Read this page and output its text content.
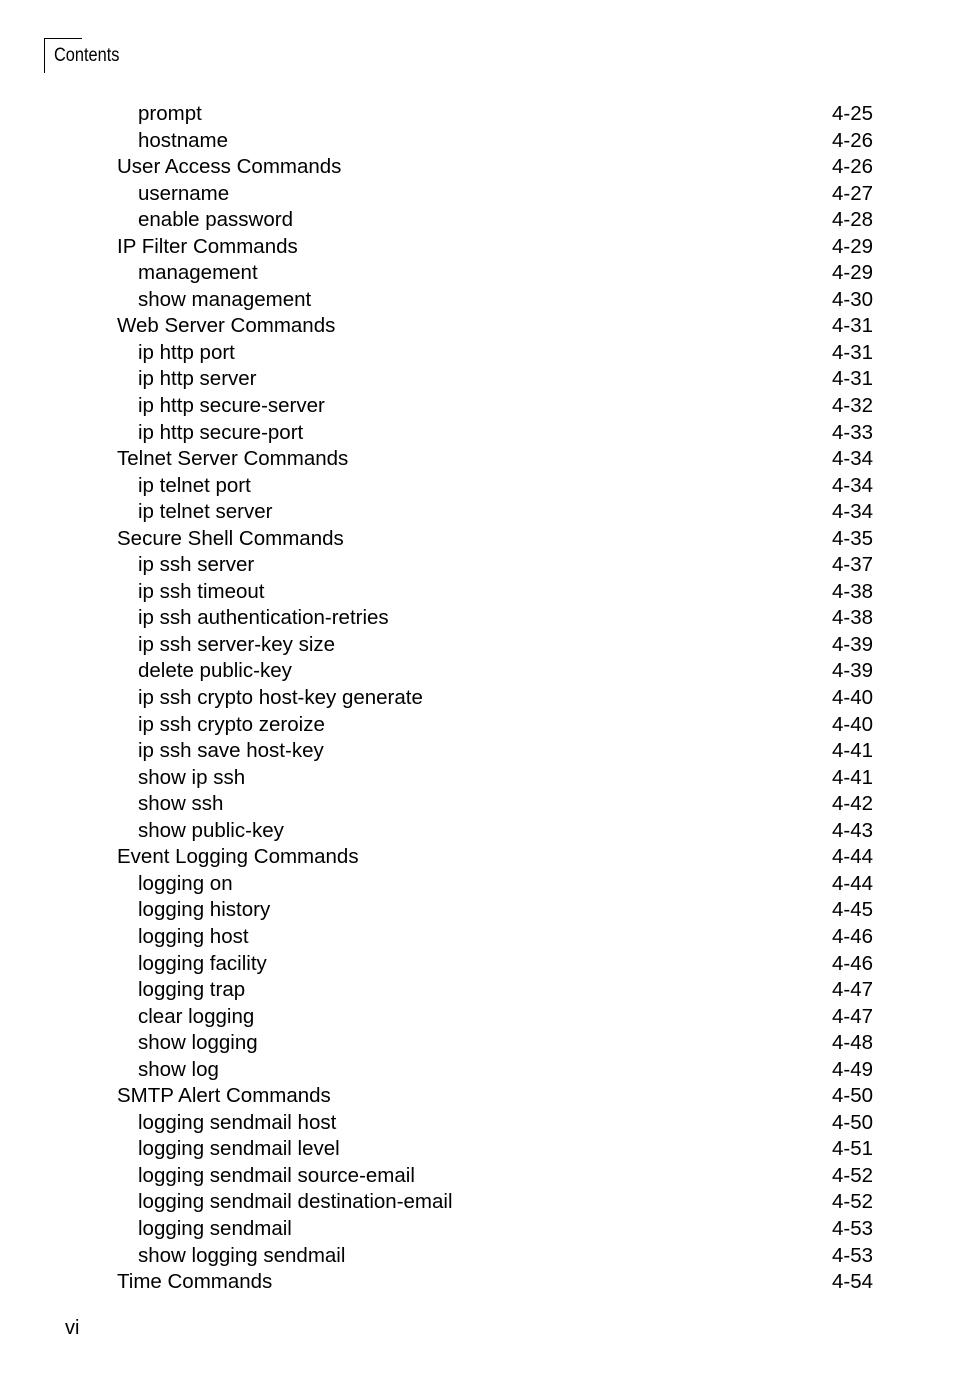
Contents
prompt	4-25
hostname	4-26
User Access Commands	4-26
username	4-27
enable password	4-28
IP Filter Commands	4-29
management	4-29
show management	4-30
Web Server Commands	4-31
ip http port	4-31
ip http server	4-31
ip http secure-server	4-32
ip http secure-port	4-33
Telnet Server Commands	4-34
ip telnet port	4-34
ip telnet server	4-34
Secure Shell Commands	4-35
ip ssh server	4-37
ip ssh timeout	4-38
ip ssh authentication-retries	4-38
ip ssh server-key size	4-39
delete public-key	4-39
ip ssh crypto host-key generate	4-40
ip ssh crypto zeroize	4-40
ip ssh save host-key	4-41
show ip ssh	4-41
show ssh	4-42
show public-key	4-43
Event Logging Commands	4-44
logging on	4-44
logging history	4-45
logging host	4-46
logging facility	4-46
logging trap	4-47
clear logging	4-47
show logging	4-48
show log	4-49
SMTP Alert Commands	4-50
logging sendmail host	4-50
logging sendmail level	4-51
logging sendmail source-email	4-52
logging sendmail destination-email	4-52
logging sendmail	4-53
show logging sendmail	4-53
Time Commands	4-54
vi
